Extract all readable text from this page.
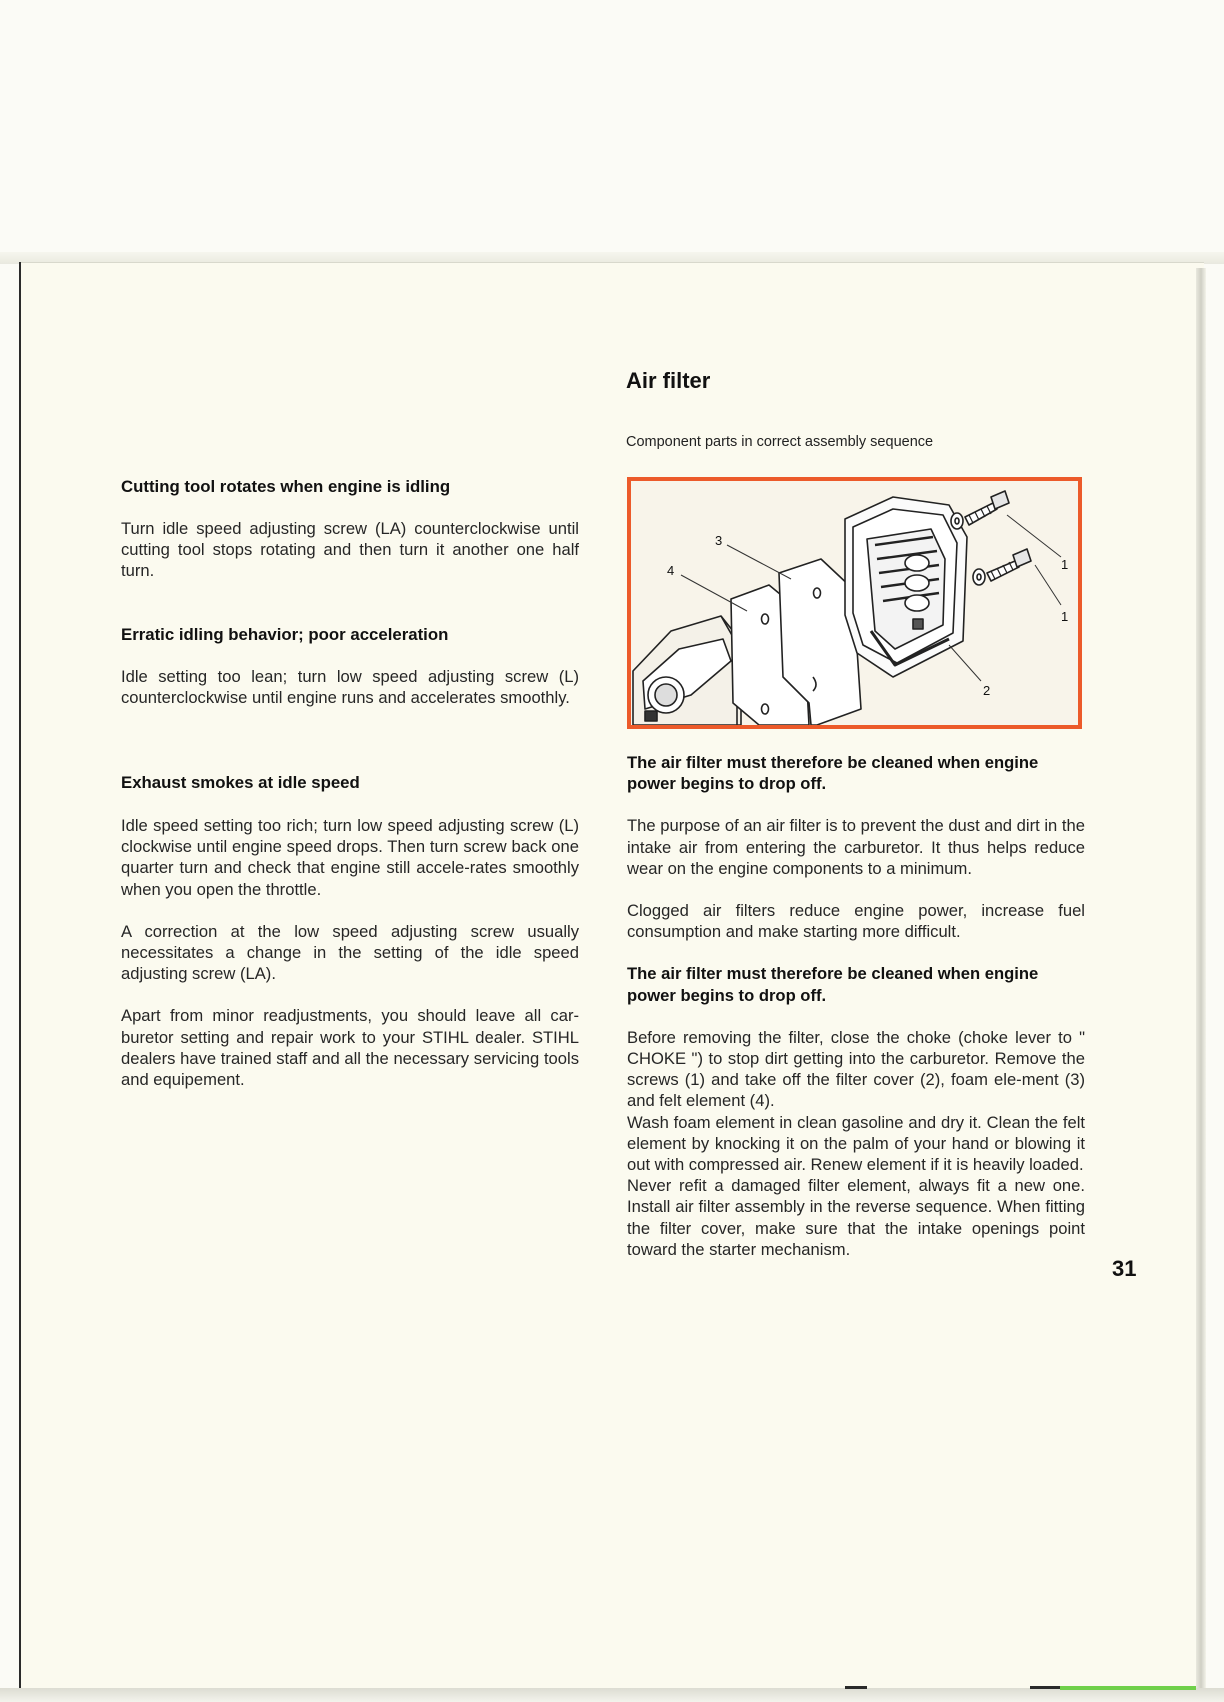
Cutting tool rotates when engine is idling

Turn idle speed adjusting screw (LA) counterclockwise until cutting tool stops rotating and then turn it another one half turn.

Erratic idling behavior; poor acceleration

Idle setting too lean; turn low speed adjusting screw (L) counterclockwise until engine runs and accelerates smoothly.

Exhaust smokes at idle speed

Idle speed setting too rich; turn low speed adjusting screw (L) clockwise until engine speed drops. Then turn screw back one quarter turn and check that engine still accele-rates smoothly when you open the throttle.

A correction at the low speed adjusting screw usually necessitates a change in the setting of the idle speed adjusting screw (LA).

Apart from minor readjustments, you should leave all car-buretor setting and repair work to your STIHL dealer. STIHL dealers have trained staff and all the necessary servicing tools and equipement.

Air filter
Component parts in correct assembly sequence
3
4	1
1
2

The air filter must therefore be cleaned when engine power begins to drop off.

The purpose of an air filter is to prevent the dust and dirt in the intake air from entering the carburetor. It thus helps reduce wear on the engine components to a minimum.

Clogged air filters reduce engine power, increase fuel consumption and make starting more difficult.

The air filter must therefore be cleaned when engine power begins to drop off.

Before removing the filter, close the choke (choke lever to " CHOKE ") to stop dirt getting into the carburetor. Remove the screws (1) and take off the filter cover (2), foam ele-ment (3) and felt element (4).

Wash foam element in clean gasoline and dry it. Clean the felt element by knocking it on the palm of your hand or blowing it out with compressed air. Renew element if it is heavily loaded.

Never refit a damaged filter element, always fit a new one. Install air filter assembly in the reverse sequence. When fitting the filter cover, make sure that the intake openings point toward the starter mechanism.

31
